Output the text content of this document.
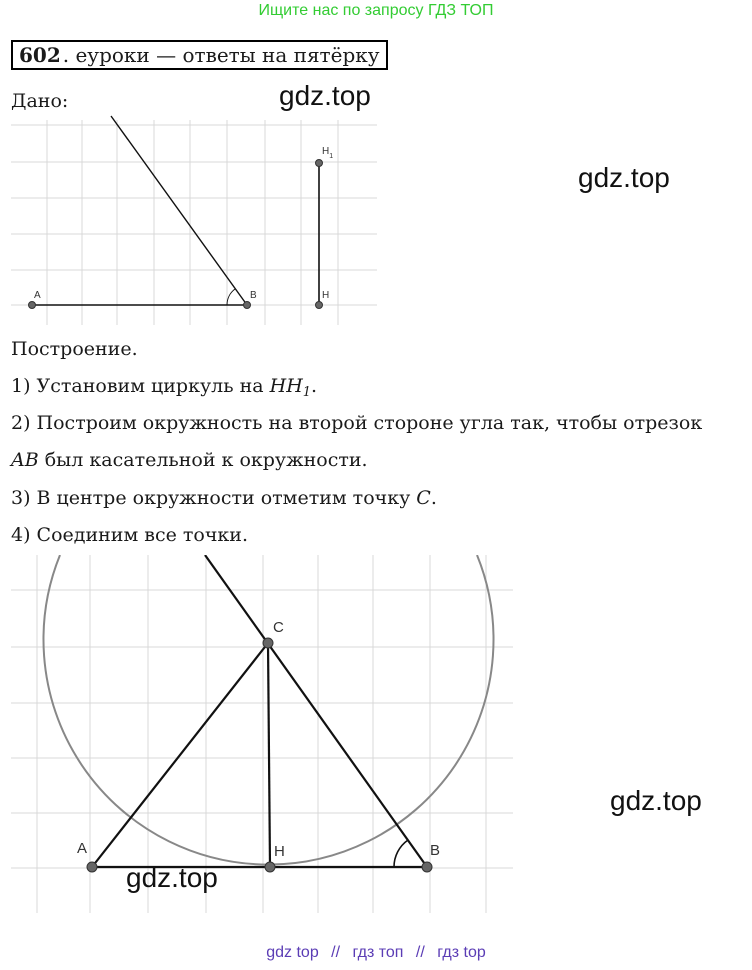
Ищите нас по запросу ГДЗ ТОП
602 . еуроки — ответы на пятёрку
gdz.top
gdz.top
Дано:
A	B	H
$H_1$
Построение.
1) Установим циркуль на $HH_1$.
2) Построим окружность на второй стороне угла так, чтобы отрезок
AB был касательной к окружности.
3) В центре окружности отметим точку C.
4) Соединим все точки.
A	B
H
C
gdz.top
gdz.top
gdz top // гдз топ // гдз top
